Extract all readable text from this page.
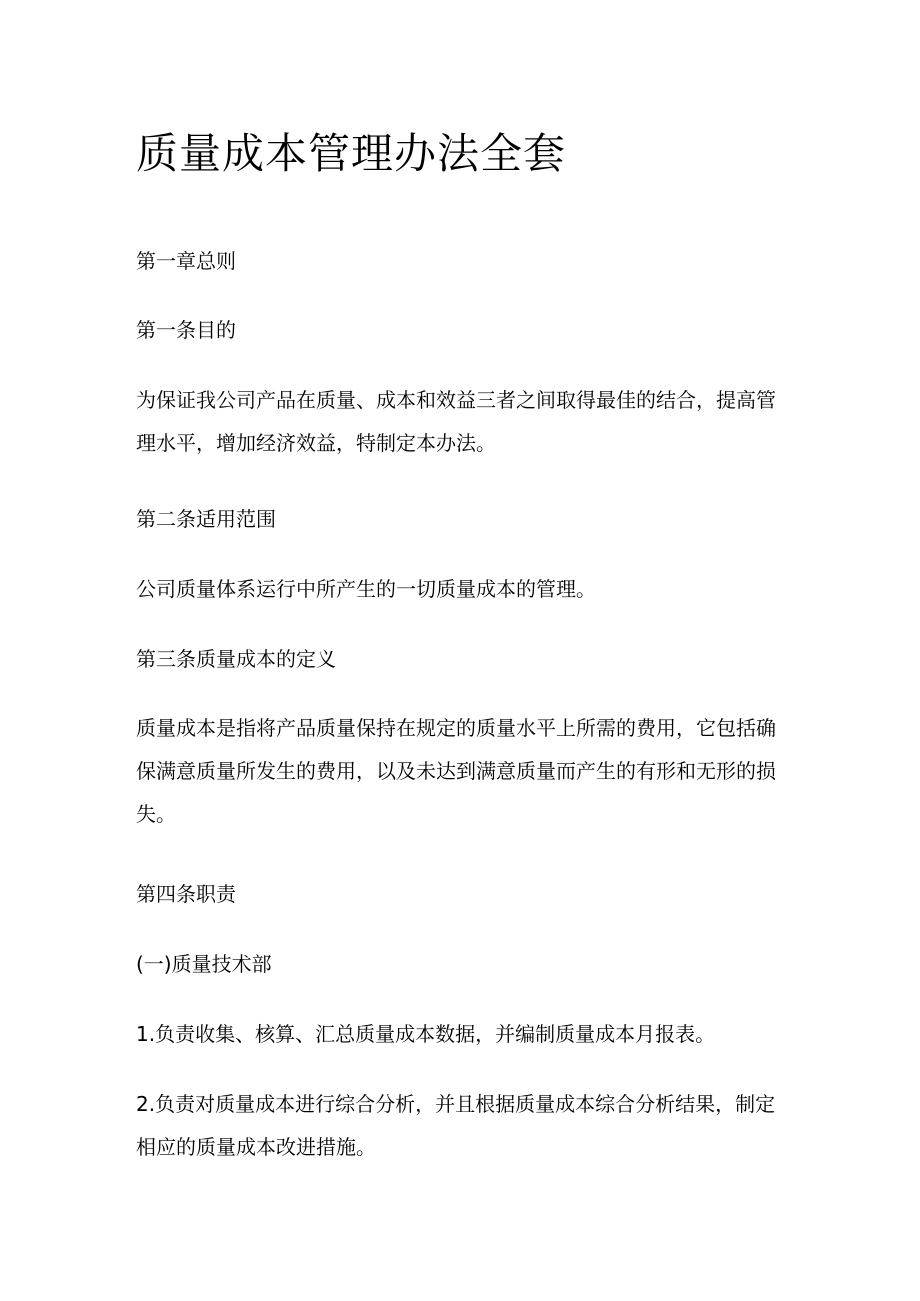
质量成本管理办法全套

第一章总则

第一条目的

为保证我公司产品在质量、成本和效益三者之间取得最佳的结合，提高管
理水平，增加经济效益，特制定本办法。

第二条适用范围

公司质量体系运行中所产生的一切质量成本的管理。

第三条质量成本的定义

质量成本是指将产品质量保持在规定的质量水平上所需的费用，它包括确
保满意质量所发生的费用，以及未达到满意质量而产生的有形和无形的损
失。

第四条职责

(一)质量技术部

1.负责收集、核算、汇总质量成本数据，并编制质量成本月报表。

2.负责对质量成本进行综合分析，并且根据质量成本综合分析结果，制定
相应的质量成本改进措施。
